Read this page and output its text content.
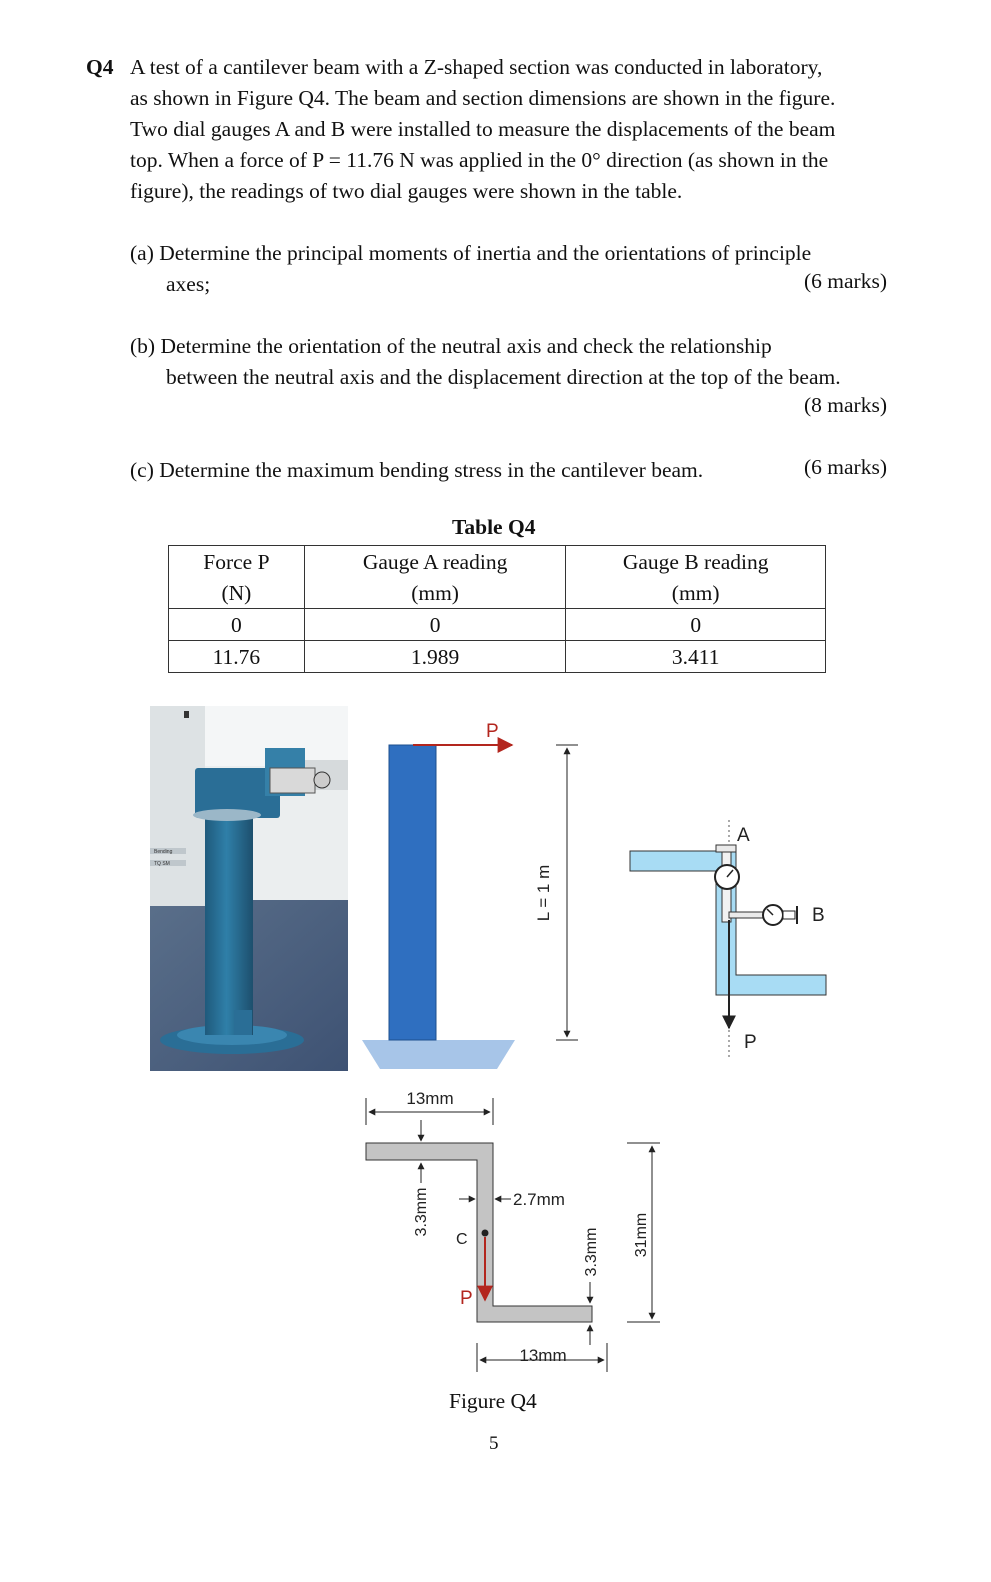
Q4 A test of a cantilever beam with a Z-shaped section was conducted in laboratory,
as shown in Figure Q4. The beam and section dimensions are shown in the figure.
Two dial gauges A and B were installed to measure the displacements of the beam
top. When a force of P = 11.76 N was applied in the 0° direction (as shown in the
figure), the readings of two dial gauges were shown in the table.
(a) Determine the principal moments of inertia and the orientations of principle
axes;	(6 marks)
(b) Determine the orientation of the neutral axis and check the relationship
between the neutral axis and the displacement direction at the top of the beam.
(8 marks)
(c) Determine the maximum bending stress in the cantilever beam.	(6 marks)
Table Q4
Force P	Gauge A reading	Gauge B reading
(N)	(mm)	(mm)
0	0	0
11.76	1.989	3.411
Bending
TQ SM
P
L = 1 m
A
B
P
13mm
3.3mm	2.7mm
C
P
3.3mm 31mm
13mm
Figure Q4
5
